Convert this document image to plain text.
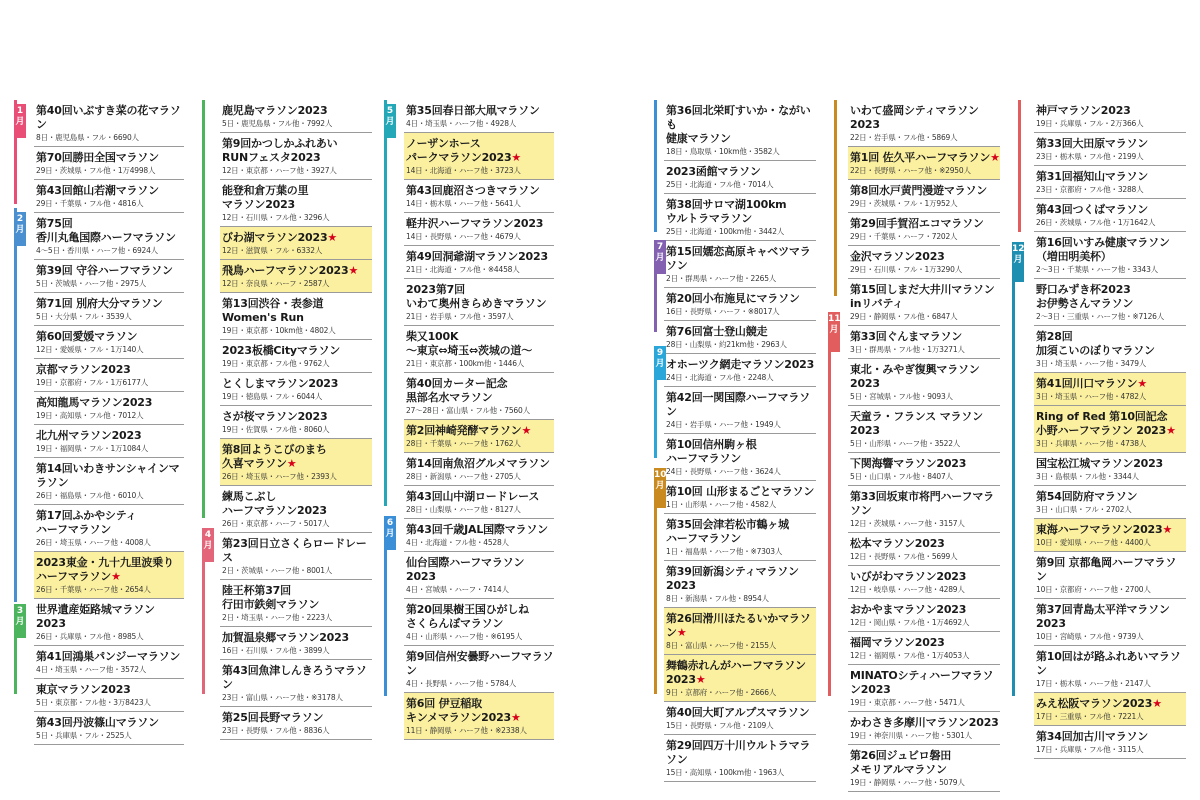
1
月
2
月
3
月
4
月
5
月
6
月
7
月
9
月
10
月
11
月
12
月
第40回いぶすき菜の花マラソン
8日・鹿児島県・フル・6690人
第70回勝田全国マラソン
29日・茨城県・フル他・1万4998人
第43回館山若潮マラソン
29日・千葉県・フル他・4816人
第75回
香川丸亀国際ハーフマラソン
4〜5日・香川県・ハーフ他・6924人
第39回 守谷ハーフマラソン
5日・茨城県・ハーフ他・2975人
第71回 別府大分マラソン
5日・大分県・フル・3539人
第60回愛媛マラソン
12日・愛媛県・フル・1万140人
京都マラソン2023
19日・京都府・フル・1万6177人
高知龍馬マラソン2023
19日・高知県・フル他・7012人
北九州マラソン2023
19日・福岡県・フル・1万1084人
第14回いわきサンシャインマラソン
26日・福島県・フル他・6010人
第17回ふかやシティ
ハーフマラソン
26日・埼玉県・ハーフ他・4008人
2023東金・九十九里波乗り
ハーフマラソン★
26日・千葉県・ハーフ他・2654人
世界遺産姫路城マラソン2023
26日・兵庫県・フル他・8985人
第41回鴻巣パンジーマラソン
4日・埼玉県・ハーフ他・3572人
東京マラソン2023
5日・東京都・フル他・3万8423人
第43回丹波篠山マラソン
5日・兵庫県・フル・2525人
鹿児島マラソン2023
5日・鹿児島県・フル他・7992人
第9回かつしかふれあい
RUNフェスタ2023
12日・東京都・ハーフ他・3927人
能登和倉万葉の里
マラソン2023
12日・石川県・フル他・3296人
びわ湖マラソン2023★
12日・滋賀県・フル・6332人
飛鳥ハーフマラソン2023★
12日・奈良県・ハーフ・2587人
第13回渋谷・表参道
Women's Run
19日・東京都・10km他・4802人
2023板橋Cityマラソン
19日・東京都・フル他・9762人
とくしまマラソン2023
19日・徳島県・フル・6044人
さが桜マラソン2023
19日・佐賀県・フル他・8060人
第8回ようこびのまち
久喜マラソン★
26日・埼玉県・ハーフ他・2393人
練馬こぶし
ハーフマラソン2023
26日・東京都・ハーフ・5017人
第23回日立さくらロードレース
2日・茨城県・ハーフ他・8001人
陸王杯第37回
行田市鉄剣マラソン
2日・埼玉県・ハーフ他・2223人
加賀温泉郷マラソン2023
16日・石川県・フル他・3899人
第43回魚津しんきろうマラソン
23日・富山県・ハーフ他・※3178人
第25回長野マラソン
23日・長野県・フル他・8836人
第35回春日部大凧マラソン
4日・埼玉県・ハーフ他・4928人
ノーザンホース
パークマラソン2023★
14日・北海道・ハーフ他・3723人
第43回鹿沼さつきマラソン
14日・栃木県・ハーフ他・5641人
軽井沢ハーフマラソン2023
14日・長野県・ハーフ他・4679人
第49回洞爺湖マラソン2023
21日・北海道・フル他・※4458人
2023第7回
いわて奥州きらめきマラソン
21日・岩手県・フル他・3597人
柴又100K
〜東京⇔埼玉⇔茨城の道〜
21日・東京都・100km他・1446人
第40回カーター記念
黒部名水マラソン
27〜28日・富山県・フル他・7560人
第2回神崎発酵マラソン★
28日・千葉県・ハーフ他・1762人
第14回南魚沼グルメマラソン
28日・新潟県・ハーフ他・2705人
第43回山中湖ロードレース
28日・山梨県・ハーフ他・8127人
第43回千歳JAL国際マラソン
4日・北海道・フル他・4528人
仙台国際ハーフマラソン2023
4日・宮城県・ハーフ・7414人
第20回果樹王国ひがしね
さくらんぼマラソン
4日・山形県・ハーフ他・※6195人
第9回信州安曇野ハーフマラソン
4日・長野県・ハーフ他・5784人
第6回 伊豆稲取
キンメマラソン2023★
11日・静岡県・ハーフ他・※2338人
第36回北栄町すいか・ながいも
健康マラソン
18日・鳥取県・10km他・3582人
2023函館マラソン
25日・北海道・フル他・7014人
第38回サロマ湖100km
ウルトラマラソン
25日・北海道・100km他・3442人
第15回嬬恋高原キャベツマラソン
2日・群馬県・ハーフ他・2265人
第20回小布施見にマラソン
16日・長野県・ハーフ・※8017人
第76回富士登山競走
28日・山梨県・約21km他・2963人
オホーツク網走マラソン2023
24日・北海道・フル他・2248人
第42回一関国際ハーフマラソン
24日・岩手県・ハーフ他・1949人
第10回信州駒ヶ根
ハーフマラソン
24日・長野県・ハーフ他・3624人
第10回 山形まるごとマラソン
1日・山形県・ハーフ他・4582人
第35回会津若松市鶴ヶ城
ハーフマラソン
1日・福島県・ハーフ他・※7303人
第39回新潟シティマラソン2023
8日・新潟県・フル他・8954人
第26回滑川ほたるいかマラソン★
8日・富山県・ハーフ他・2155人
舞鶴赤れんがハーフマラソン2023★
9日・京都府・ハーフ他・2666人
第40回大町アルプスマラソン
15日・長野県・フル他・2109人
第29回四万十川ウルトラマラソン
15日・高知県・100km他・1963人
いわて盛岡シティマラソン2023
22日・岩手県・フル他・5869人
第1回 佐久平ハーフマラソン★
22日・長野県・ハーフ他・※2950人
第8回水戸黄門漫遊マラソン
29日・茨城県・フル・1万952人
第29回手賀沼エコマラソン
29日・千葉県・ハーフ・7202人
金沢マラソン2023
29日・石川県・フル・1万3290人
第15回しまだ大井川マラソン
inリバティ
29日・静岡県・フル他・6847人
第33回ぐんまマラソン
3日・群馬県・フル他・1万3271人
東北・みやぎ復興マラソン2023
5日・宮城県・フル他・9093人
天童ラ・フランス マラソン2023
5日・山形県・ハーフ他・3522人
下関海響マラソン2023
5日・山口県・フル他・8407人
第33回坂東市将門ハーフマラソン
12日・茨城県・ハーフ他・3157人
松本マラソン2023
12日・長野県・フル他・5699人
いびがわマラソン2023
12日・岐阜県・ハーフ他・4289人
おかやまマラソン2023
12日・岡山県・フル他・1万4692人
福岡マラソン2023
12日・福岡県・フル他・1万4053人
MINATOシティハーフマラソン2023
19日・東京都・ハーフ他・5471人
かわさき多摩川マラソン2023
19日・神奈川県・ハーフ他・5301人
第26回ジュビロ磐田
メモリアルマラソン
19日・静岡県・ハーフ他・5079人
神戸マラソン2023
19日・兵庫県・フル・2万366人
第33回大田原マラソン
23日・栃木県・フル他・2199人
第31回福知山マラソン
23日・京都府・フル他・3288人
第43回つくばマラソン
26日・茨城県・フル他・1万1642人
第16回いすみ健康マラソン
（増田明美杯）
2〜3日・千葉県・ハーフ他・3343人
野口みずき杯2023
お伊勢さんマラソン
2〜3日・三重県・ハーフ他・※7126人
第28回
加須こいのぼりマラソン
3日・埼玉県・ハーフ他・3479人
第41回川口マラソン★
3日・埼玉県・ハーフ他・4782人
Ring of Red 第10回記念
小野ハーフマラソン 2023★
3日・兵庫県・ハーフ他・4738人
国宝松江城マラソン2023
3日・島根県・フル他・3344人
第54回防府マラソン
3日・山口県・フル・2702人
東海ハーフマラソン2023★
10日・愛知県・ハーフ他・4400人
第9回 京都亀岡ハーフマラソン
10日・京都府・ハーフ他・2700人
第37回青島太平洋マラソン2023
10日・宮崎県・フル他・9739人
第10回はが路ふれあいマラソン
17日・栃木県・ハーフ他・2147人
みえ松阪マラソン2023★
17日・三重県・フル他・7221人
第34回加古川マラソン
17日・兵庫県・フル他・3115人
